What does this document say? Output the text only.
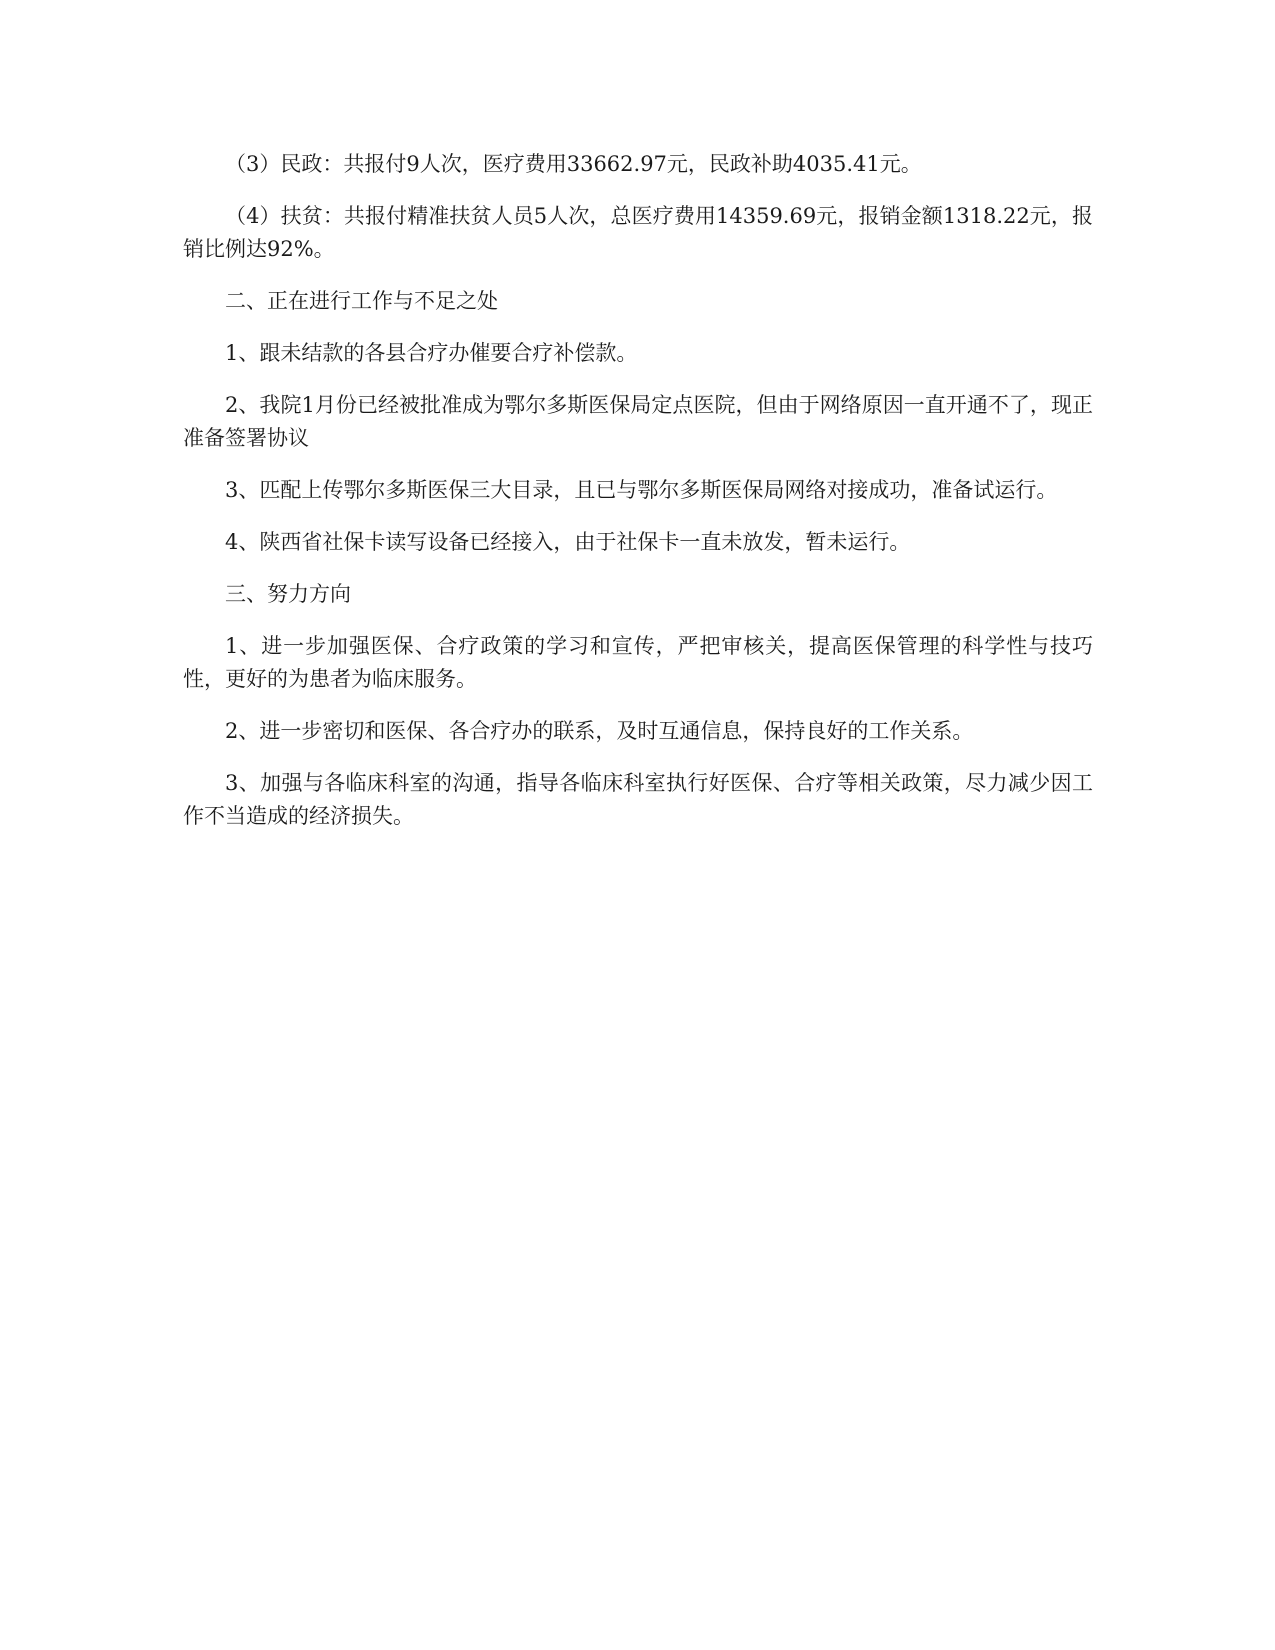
（3）民政：共报付9人次，医疗费用33662.97元，民政补助4035.41元。

（4）扶贫：共报付精准扶贫人员5人次，总医疗费用14359.69元，报销金额1318.22元，报销比例达92%。

二、正在进行工作与不足之处

1、跟未结款的各县合疗办催要合疗补偿款。

2、我院1月份已经被批准成为鄂尔多斯医保局定点医院，但由于网络原因一直开通不了，现正准备签署协议

3、匹配上传鄂尔多斯医保三大目录，且已与鄂尔多斯医保局网络对接成功，准备试运行。

4、陕西省社保卡读写设备已经接入，由于社保卡一直未放发，暂未运行。

三、努力方向

1、进一步加强医保、合疗政策的学习和宣传，严把审核关，提高医保管理的科学性与技巧性，更好的为患者为临床服务。

2、进一步密切和医保、各合疗办的联系，及时互通信息，保持良好的工作关系。

3、加强与各临床科室的沟通，指导各临床科室执行好医保、合疗等相关政策，尽力减少因工作不当造成的经济损失。
